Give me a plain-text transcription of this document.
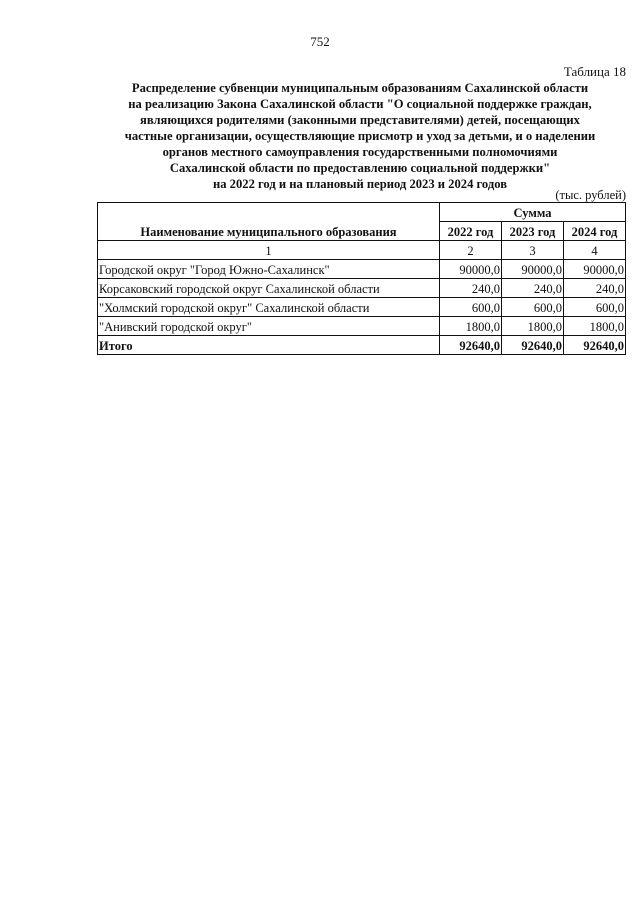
752
Таблица 18
Распределение субвенции муниципальным образованиям Сахалинской области
на реализацию Закона Сахалинской области "О социальной поддержке граждан,
являющихся родителями (законными представителями) детей, посещающих
частные организации, осуществляющие присмотр и уход за детьми, и о наделении
органов местного самоуправления государственными полномочиями
Сахалинской области по предоставлению социальной поддержки"
на 2022 год и на плановый период 2023 и 2024 годов
(тыс. рублей)
Наименование муниципального образования	Сумма		
	2022 год	2023 год	2024 год
1	2	3	4
Городской округ "Город Южно-Сахалинск"	90000,0	90000,0	90000,0
Корсаковский городской округ Сахалинской области	240,0	240,0	240,0
"Холмский городской округ" Сахалинской области	600,0	600,0	600,0
"Анивский городской округ"	1800,0	1800,0	1800,0
Итого	92640,0	92640,0	92640,0
